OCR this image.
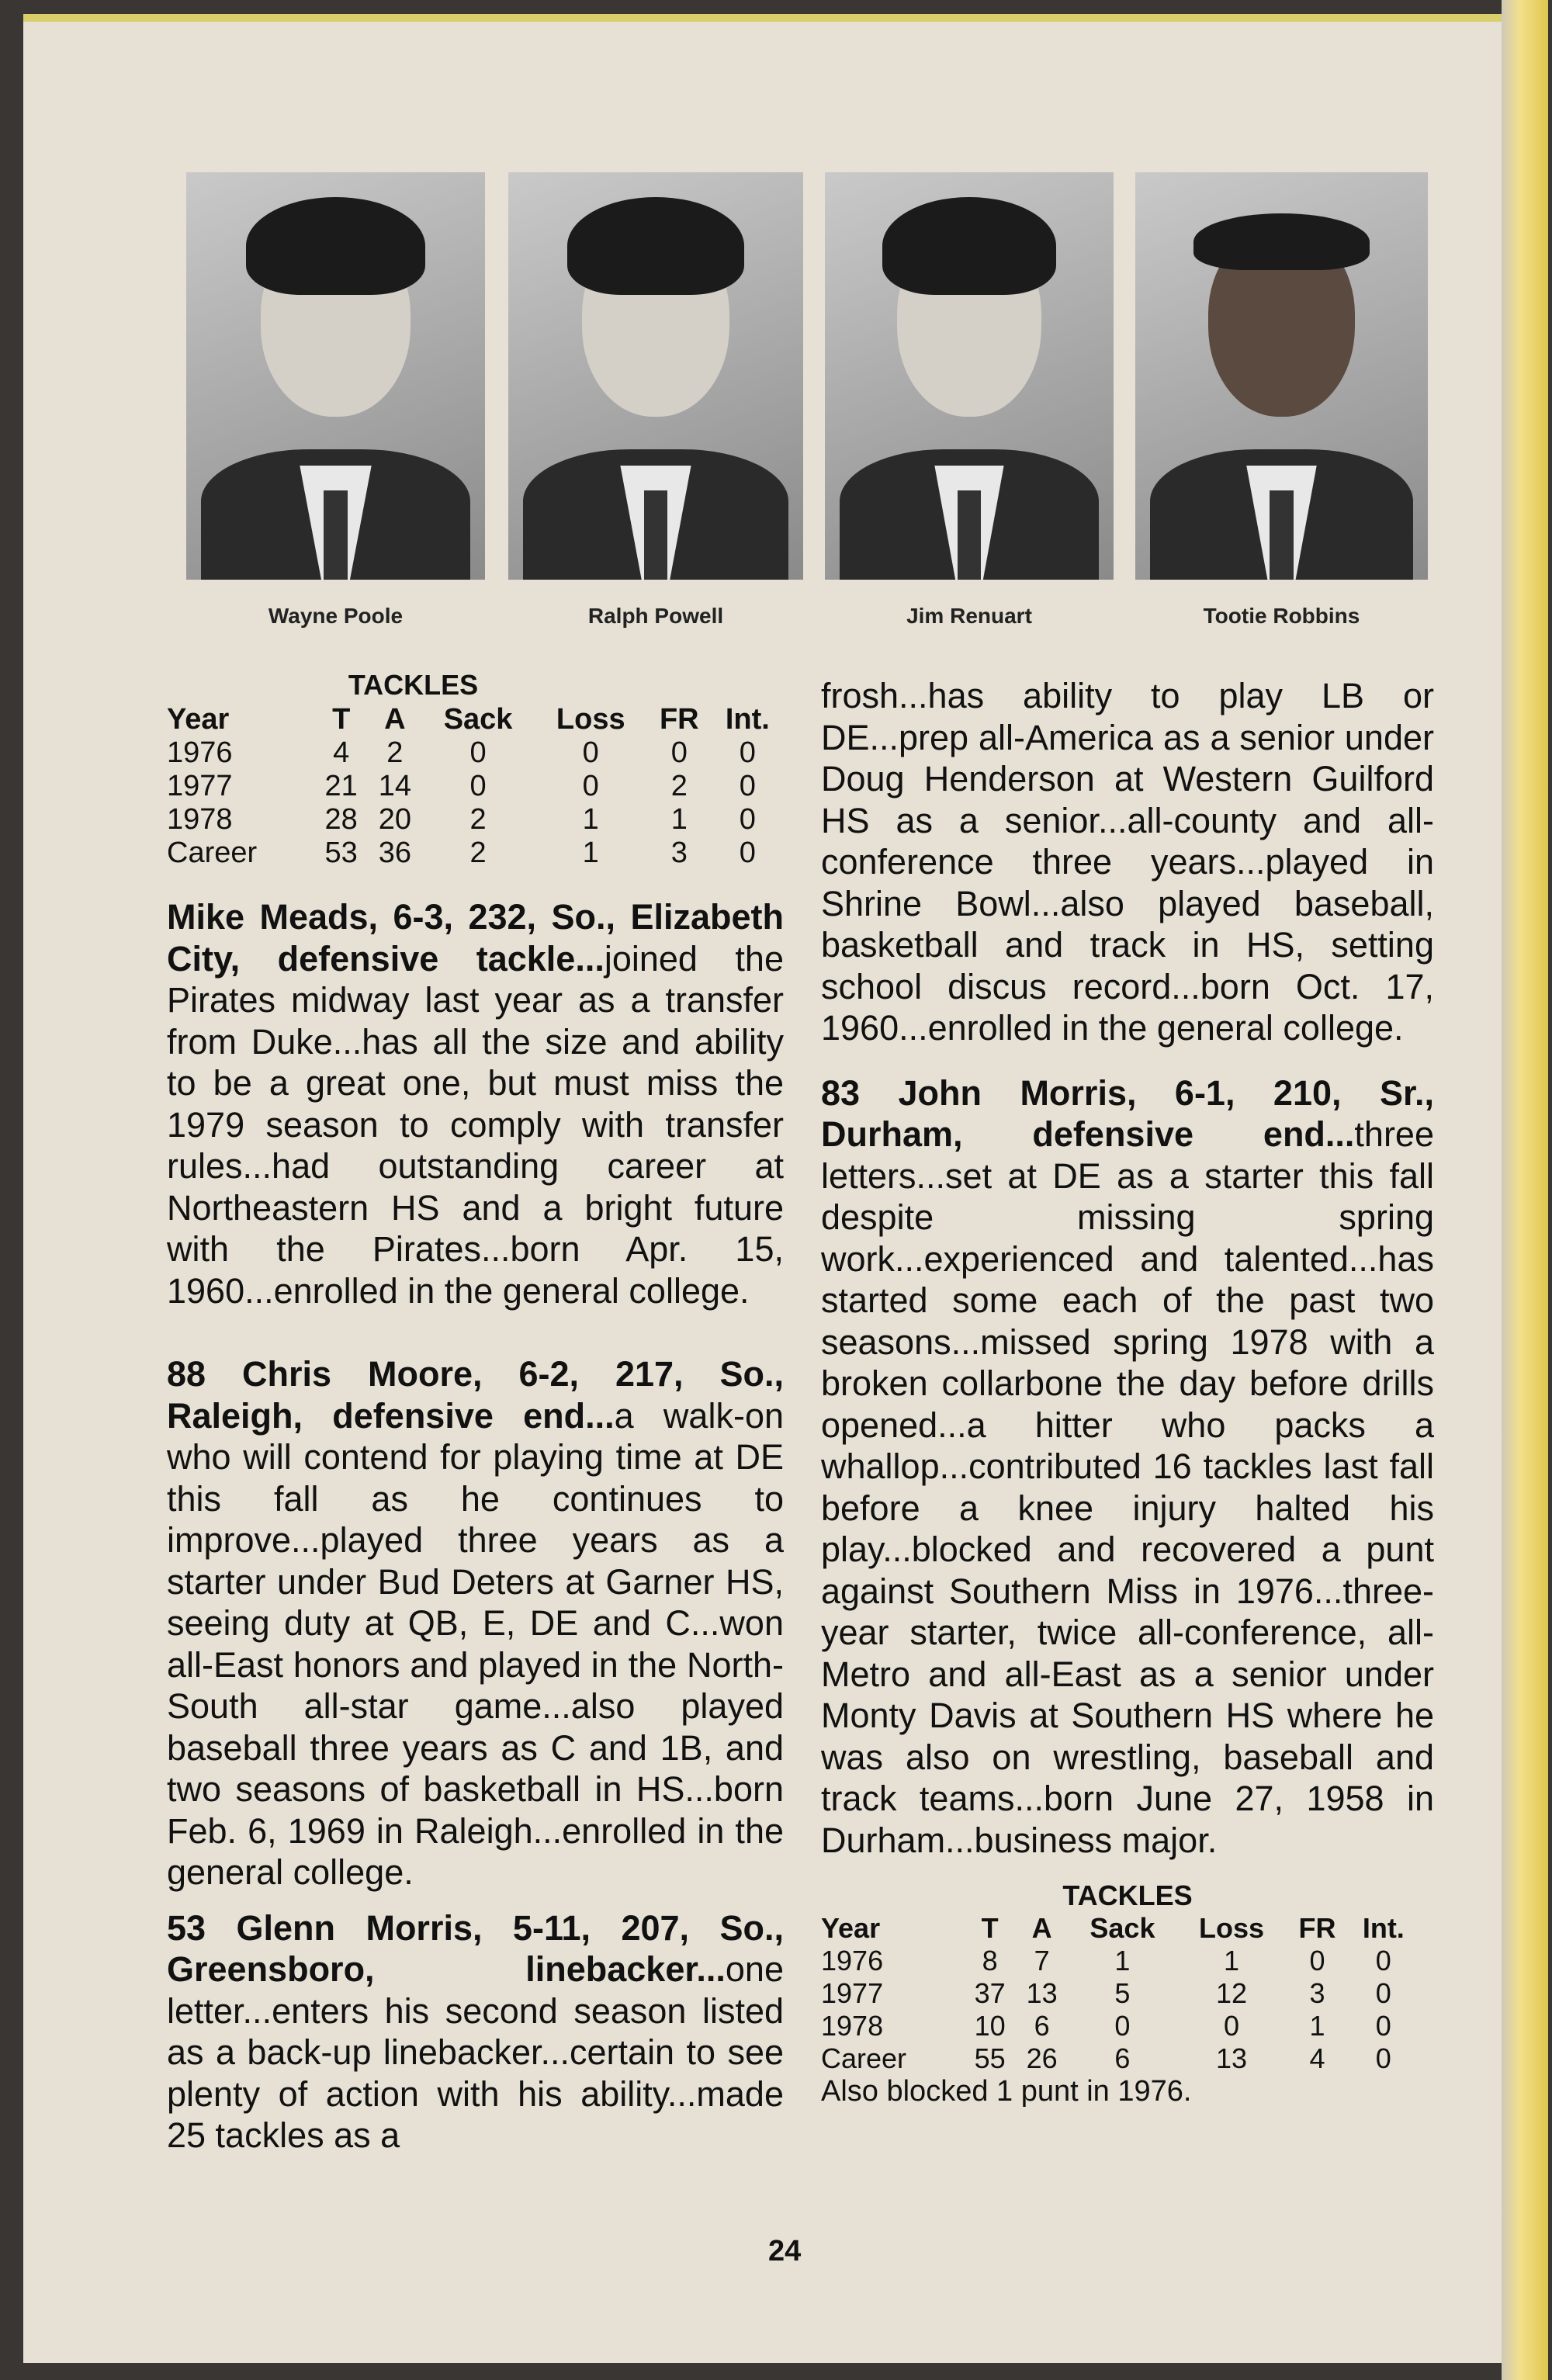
Wayne Poole	Ralph Powell	Jim Renuart	Tootie Robbins
TACKLES
Year	T	A	Sack	Loss	FR	Int.
1976	4	2	0	0	0	0
1977	21	14	0	0	2	0
1978	28	20	2	1	1	0
Career	53	36	2	1	3	0

Mike Meads, 6-3, 232, So., Elizabeth City, defensive tackle...joined the Pirates midway last year as a transfer from Duke...has all the size and ability to be a great one, but must miss the 1979 season to comply with transfer rules...had outstanding career at Northeastern HS and a bright future with the Pirates...born Apr. 15, 1960...enrolled in the general college.

88 Chris Moore, 6-2, 217, So., Raleigh, defensive end...a walk-on who will contend for playing time at DE this fall as he continues to improve...played three years as a starter under Bud Deters at Garner HS, seeing duty at QB, E, DE and C...won all-East honors and played in the North-South all-star game...also played baseball three years as C and 1B, and two seasons of basketball in HS...born Feb. 6, 1969 in Raleigh...enrolled in the general college.

53 Glenn Morris, 5-11, 207, So., Greensboro, linebacker...one letter...enters his second season listed as a back-up linebacker...certain to see plenty of action with his ability...made 25 tackles as a

frosh...has ability to play LB or DE...prep all-America as a senior under Doug Henderson at Western Guilford HS as a senior...all-county and all-conference three years...played in Shrine Bowl...also played baseball, basketball and track in HS, setting school discus record...born Oct. 17, 1960...enrolled in the general college.

83 John Morris, 6-1, 210, Sr., Durham, defensive end...three letters...set at DE as a starter this fall despite missing spring work...experienced and talented...has started some each of the past two seasons...missed spring 1978 with a broken collarbone the day before drills opened...a hitter who packs a whallop...contributed 16 tackles last fall before a knee injury halted his play...blocked and recovered a punt against Southern Miss in 1976...three-year starter, twice all-conference, all-Metro and all-East as a senior under Monty Davis at Southern HS where he was also on wrestling, baseball and track teams...born June 27, 1958 in Durham...business major.

TACKLES
Year	T	A	Sack	Loss	FR	Int.
1976	8	7	1	1	0	0
1977	37	13	5	12	3	0
1978	10	6	0	0	1	0
Career	55	26	6	13	4	0
Also blocked 1 punt in 1976.
24
